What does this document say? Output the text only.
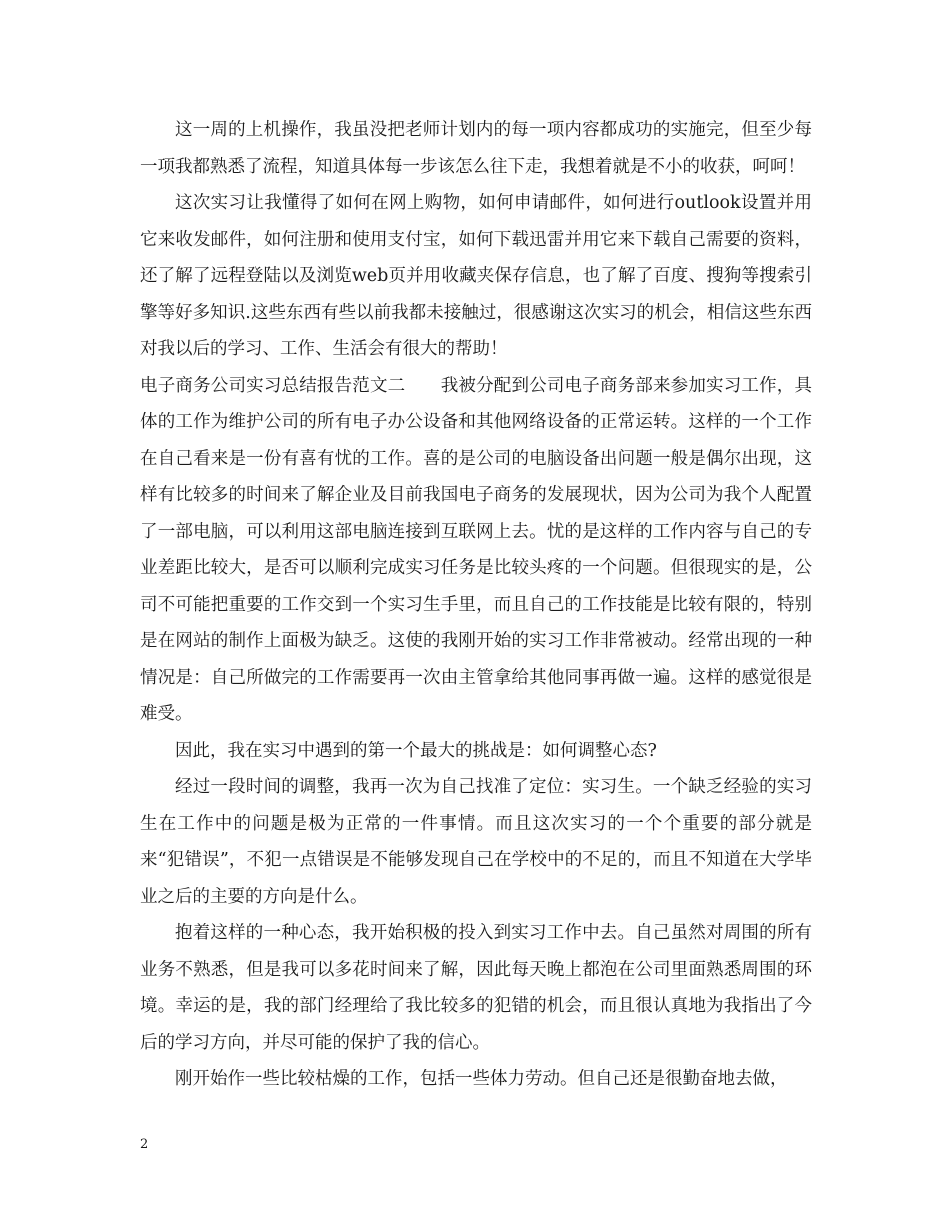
这一周的上机操作，我虽没把老师计划内的每一项内容都成功的实施完，但至少每一项我都熟悉了流程，知道具体每一步该怎么往下走，我想着就是不小的收获，呵呵！

这次实习让我懂得了如何在网上购物，如何申请邮件，如何进行outlook设置并用它来收发邮件，如何注册和使用支付宝，如何下载迅雷并用它来下载自己需要的资料，还了解了远程登陆以及浏览web页并用收藏夹保存信息，也了解了百度、搜狗等搜索引擎等好多知识.这些东西有些以前我都未接触过，很感谢这次实习的机会，相信这些东西对我以后的学习、工作、生活会有很大的帮助！

电子商务公司实习总结报告范文二　　我被分配到公司电子商务部来参加实习工作，具体的工作为维护公司的所有电子办公设备和其他网络设备的正常运转。这样的一个工作在自己看来是一份有喜有忧的工作。喜的是公司的电脑设备出问题一般是偶尔出现，这样有比较多的时间来了解企业及目前我国电子商务的发展现状，因为公司为我个人配置了一部电脑，可以利用这部电脑连接到互联网上去。忧的是这样的工作内容与自己的专业差距比较大，是否可以顺利完成实习任务是比较头疼的一个问题。但很现实的是，公司不可能把重要的工作交到一个实习生手里，而且自己的工作技能是比较有限的，特别是在网站的制作上面极为缺乏。这使的我刚开始的实习工作非常被动。经常出现的一种情况是：自己所做完的工作需要再一次由主管拿给其他同事再做一遍。这样的感觉很是难受。

因此，我在实习中遇到的第一个最大的挑战是：如何调整心态?

经过一段时间的调整，我再一次为自己找准了定位：实习生。一个缺乏经验的实习生在工作中的问题是极为正常的一件事情。而且这次实习的一个个重要的部分就是来“犯错误”，不犯一点错误是不能够发现自己在学校中的不足的，而且不知道在大学毕业之后的主要的方向是什么。

抱着这样的一种心态，我开始积极的投入到实习工作中去。自己虽然对周围的所有业务不熟悉，但是我可以多花时间来了解，因此每天晚上都泡在公司里面熟悉周围的环境。幸运的是，我的部门经理给了我比较多的犯错的机会，而且很认真地为我指出了今后的学习方向，并尽可能的保护了我的信心。

刚开始作一些比较枯燥的工作，包括一些体力劳动。但自己还是很勤奋地去做，

2
